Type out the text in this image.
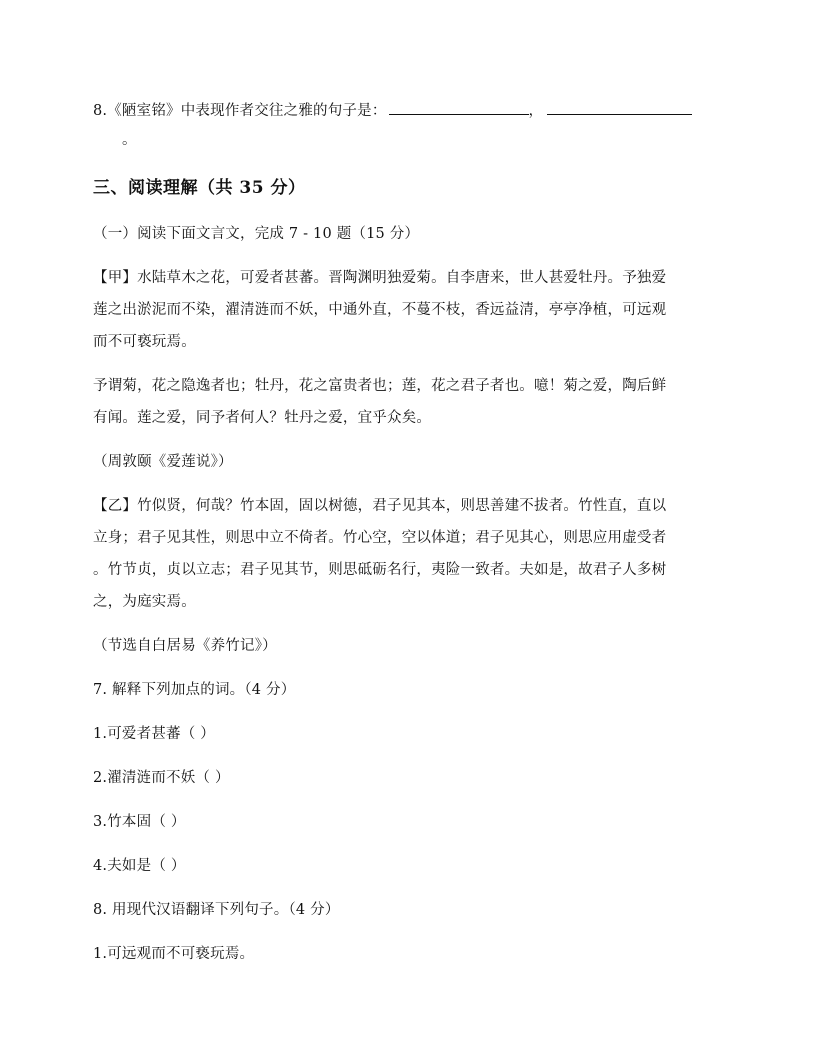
8.《陋室铭》中表现作者交往之雅的句子是：	，
。
三、阅读理解（共 35 分）
（一）阅读下面文言文，完成 7 - 10 题（15 分）
【甲】水陆草木之花，可爱者甚蕃。晋陶渊明独爱菊。自李唐来，世人甚爱牡丹。予独爱
莲之出淤泥而不染，濯清涟而不妖，中通外直，不蔓不枝，香远益清，亭亭净植，可远观
而不可亵玩焉。
予谓菊，花之隐逸者也；牡丹，花之富贵者也；莲，花之君子者也。噫！菊之爱，陶后鲜
有闻。莲之爱，同予者何人？牡丹之爱，宜乎众矣。
（周敦颐《爱莲说》）
【乙】竹似贤，何哉？竹本固，固以树德，君子见其本，则思善建不拔者。竹性直，直以
立身；君子见其性，则思中立不倚者。竹心空，空以体道；君子见其心，则思应用虚受者
。竹节贞，贞以立志；君子见其节，则思砥砺名行，夷险一致者。夫如是，故君子人多树
之，为庭实焉。
（节选自白居易《养竹记》）
7. 解释下列加点的词。（4 分）
1.可爱者甚蕃（ ）
2.濯清涟而不妖（ ）
3.竹本固（ ）
4.夫如是（ ）
8. 用现代汉语翻译下列句子。（4 分）
1.可远观而不可亵玩焉。
